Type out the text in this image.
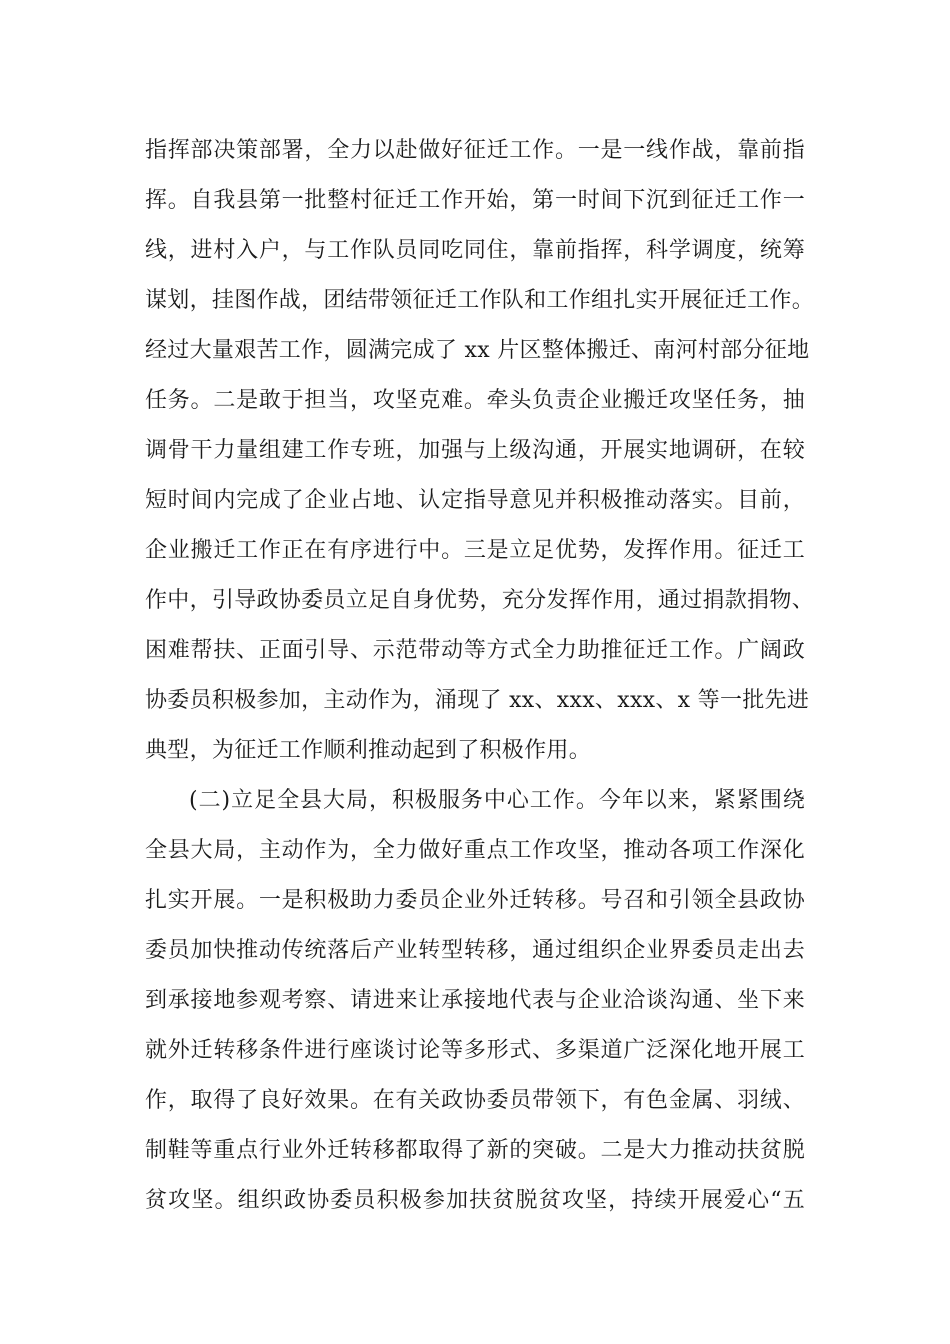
指挥部决策部署，全力以赴做好征迁工作。一是一线作战，靠前指
挥。自我县第一批整村征迁工作开始，第一时间下沉到征迁工作一
线，进村入户，与工作队员同吃同住，靠前指挥，科学调度，统筹
谋划，挂图作战，团结带领征迁工作队和工作组扎实开展征迁工作。
经过大量艰苦工作，圆满完成了 xx 片区整体搬迁、南河村部分征地
任务。二是敢于担当，攻坚克难。牵头负责企业搬迁攻坚任务，抽
调骨干力量组建工作专班，加强与上级沟通，开展实地调研，在较
短时间内完成了企业占地、认定指导意见并积极推动落实。目前，
企业搬迁工作正在有序进行中。三是立足优势，发挥作用。征迁工
作中，引导政协委员立足自身优势，充分发挥作用，通过捐款捐物、
困难帮扶、正面引导、示范带动等方式全力助推征迁工作。广阔政
协委员积极参加，主动作为，涌现了 xx、xxx、xxx、x 等一批先进
典型，为征迁工作顺利推动起到了积极作用。
(二)立足全县大局，积极服务中心工作。今年以来，紧紧围绕
全县大局，主动作为，全力做好重点工作攻坚，推动各项工作深化
扎实开展。一是积极助力委员企业外迁转移。号召和引领全县政协
委员加快推动传统落后产业转型转移，通过组织企业界委员走出去
到承接地参观考察、请进来让承接地代表与企业洽谈沟通、坐下来
就外迁转移条件进行座谈讨论等多形式、多渠道广泛深化地开展工
作，取得了良好效果。在有关政协委员带领下，有色金属、羽绒、
制鞋等重点行业外迁转移都取得了新的突破。二是大力推动扶贫脱
贫攻坚。组织政协委员积极参加扶贫脱贫攻坚，持续开展爱心“五
